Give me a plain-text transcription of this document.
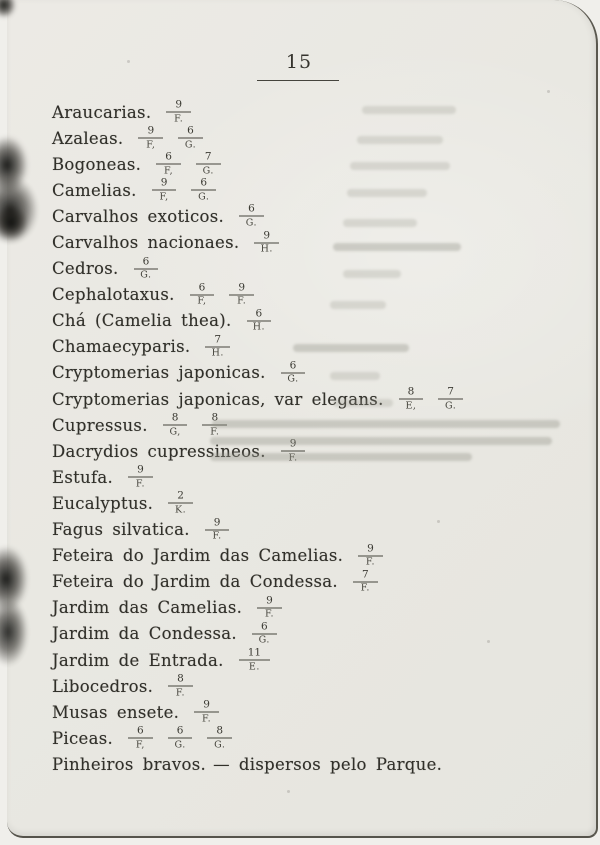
15
Araucarias. $\frac{9}{F.}$
Azaleas. $\frac{9}{F,} \frac{6}{G.}$
Bogoneas. $\frac{6}{F,} \frac{7}{G.}$
Camelias. $\frac{9}{F,} \frac{6}{G.}$
Carvalhos exoticos. $\frac{6}{G.}$
Carvalhos nacionaes. $\frac{9}{H.}$
Cedros. $\frac{6}{G.}$
Cephalotaxus. $\frac{6}{F,} \frac{9}{F.}$
Chá (Camelia thea). $\frac{6}{H.}$
Chamaecyparis. $\frac{7}{H.}$
Cryptomerias japonicas. $\frac{6}{G.}$
Cryptomerias japonicas, var elegans. $\frac{8}{E,} \frac{7}{G.}$
Cupressus. $\frac{8}{G,} \frac{8}{F.}$
Dacrydios cupressineos. $\frac{9}{F.}$
Estufa. $\frac{9}{F.}$
Eucalyptus. $\frac{2}{K.}$
Fagus silvatica. $\frac{9}{F.}$
Feteira do Jardim das Camelias. $\frac{9}{F.}$
Feteira do Jardim da Condessa. $\frac{7}{F.}$
Jardim das Camelias. $\frac{9}{F.}$
Jardim da Condessa. $\frac{6}{G.}$
Jardim de Entrada. $\frac{11}{E.}$
Libocedros. $\frac{8}{F.}$
Musas ensete. $\frac{9}{F.}$
Piceas. $\frac{6}{F,} \frac{6}{G.} \frac{8}{G.}$
Pinheiros bravos. — dispersos pelo Parque.
